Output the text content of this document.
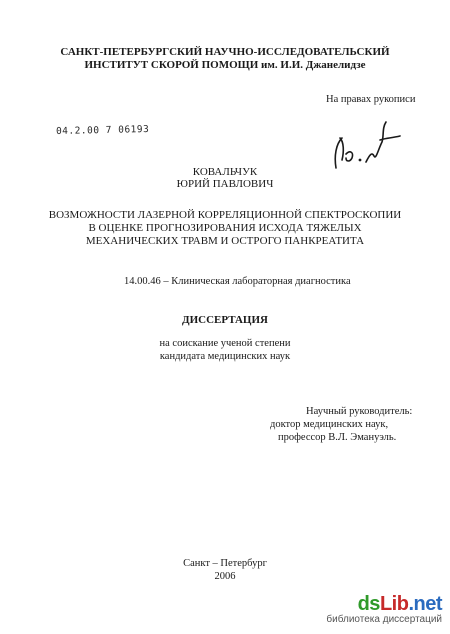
САНКТ-ПЕТЕРБУРГСКИЙ НАУЧНО-ИССЛЕДОВАТЕЛЬСКИЙ
ИНСТИТУТ СКОРОЙ ПОМОЩИ им. И.И. Джанелидзе
На правах рукописи
04.2.00 7 06193
КОВАЛЬЧУК
ЮРИЙ ПАВЛОВИЧ
ВОЗМОЖНОСТИ ЛАЗЕРНОЙ КОРРЕЛЯЦИОННОЙ СПЕКТРОСКОПИИ
В ОЦЕНКЕ ПРОГНОЗИРОВАНИЯ ИСХОДА ТЯЖЕЛЫХ
МЕХАНИЧЕСКИХ ТРАВМ И ОСТРОГО ПАНКРЕАТИТА
14.00.46 – Клиническая лабораторная диагностика
ДИССЕРТАЦИЯ
на соискание ученой степени
кандидата медицинских наук
Научный руководитель:
доктор медицинских наук,
профессор В.Л. Эмануэль.
Санкт – Петербург
2006
dsLib.net
библиотека диссертаций
